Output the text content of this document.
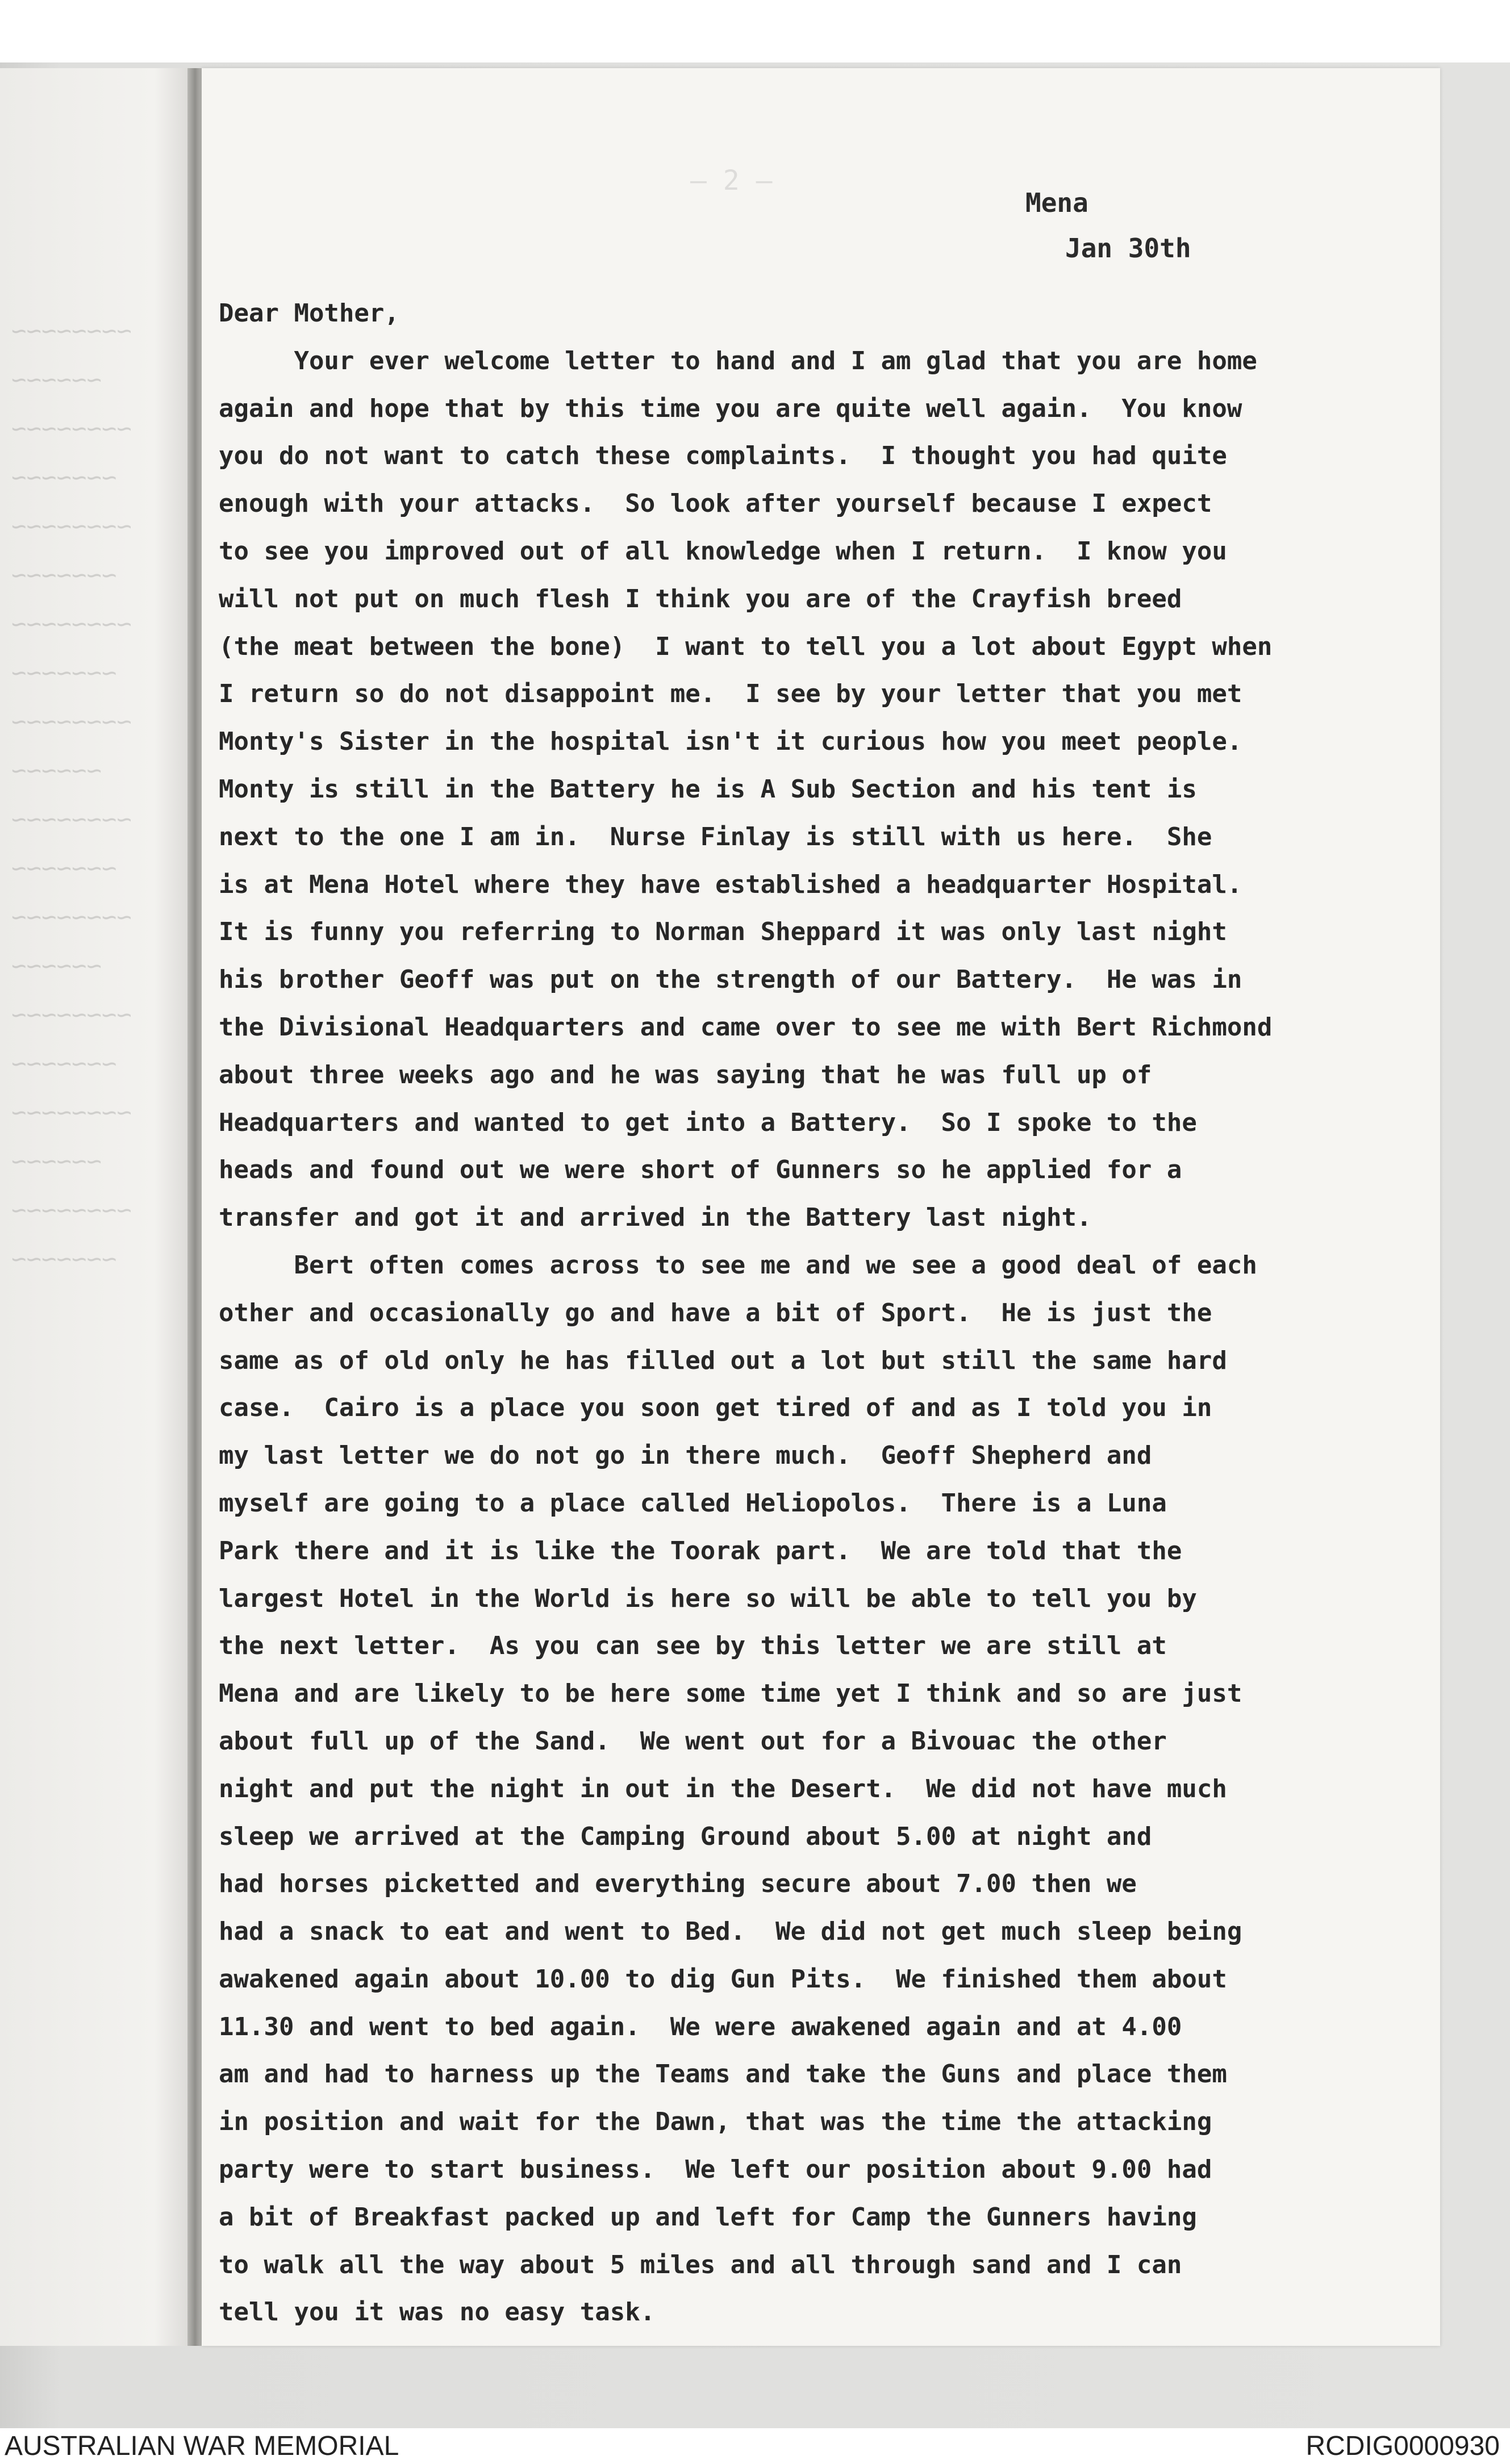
~~~~~~~~
~~~~~~
~~~~~~~~
~~~~~~~
~~~~~~~~
~~~~~~~
~~~~~~~~
~~~~~~~
~~~~~~~~
~~~~~~
~~~~~~~~
~~~~~~~
~~~~~~~~
~~~~~~
~~~~~~~~
~~~~~~~
~~~~~~~~
~~~~~~
~~~~~~~~
~~~~~~~
— 2 —
Mena
Jan 30th
Dear Mother,
Your ever welcome letter to hand and I am glad that you are home
again and hope that by this time you are quite well again.  You know
you do not want to catch these complaints.  I thought you had quite
enough with your attacks.  So look after yourself because I expect
to see you improved out of all knowledge when I return.  I know you
will not put on much flesh I think you are of the Crayfish breed
(the meat between the bone)  I want to tell you a lot about Egypt when
I return so do not disappoint me.  I see by your letter that you met
Monty's Sister in the hospital isn't it curious how you meet people.
Monty is still in the Battery he is A Sub Section and his tent is
next to the one I am in.  Nurse Finlay is still with us here.  She
is at Mena Hotel where they have established a headquarter Hospital.
It is funny you referring to Norman Sheppard it was only last night
his brother Geoff was put on the strength of our Battery.  He was in
the Divisional Headquarters and came over to see me with Bert Richmond
about three weeks ago and he was saying that he was full up of
Headquarters and wanted to get into a Battery.  So I spoke to the
heads and found out we were short of Gunners so he applied for a
transfer and got it and arrived in the Battery last night.
Bert often comes across to see me and we see a good deal of each
other and occasionally go and have a bit of Sport.  He is just the
same as of old only he has filled out a lot but still the same hard
case.  Cairo is a place you soon get tired of and as I told you in
my last letter we do not go in there much.  Geoff Shepherd and
myself are going to a place called Heliopolos.  There is a Luna
Park there and it is like the Toorak part.  We are told that the
largest Hotel in the World is here so will be able to tell you by
the next letter.  As you can see by this letter we are still at
Mena and are likely to be here some time yet I think and so are just
about full up of the Sand.  We went out for a Bivouac the other
night and put the night in out in the Desert.  We did not have much
sleep we arrived at the Camping Ground about 5.00 at night and
had horses picketted and everything secure about 7.00 then we
had a snack to eat and went to Bed.  We did not get much sleep being
awakened again about 10.00 to dig Gun Pits.  We finished them about
11.30 and went to bed again.  We were awakened again and at 4.00
am and had to harness up the Teams and take the Guns and place them
in position and wait for the Dawn, that was the time the attacking
party were to start business.  We left our position about 9.00 had
a bit of Breakfast packed up and left for Camp the Gunners having
to walk all the way about 5 miles and all through sand and I can
tell you it was no easy task.
AUSTRALIAN WAR MEMORIAL	RCDIG0000930
